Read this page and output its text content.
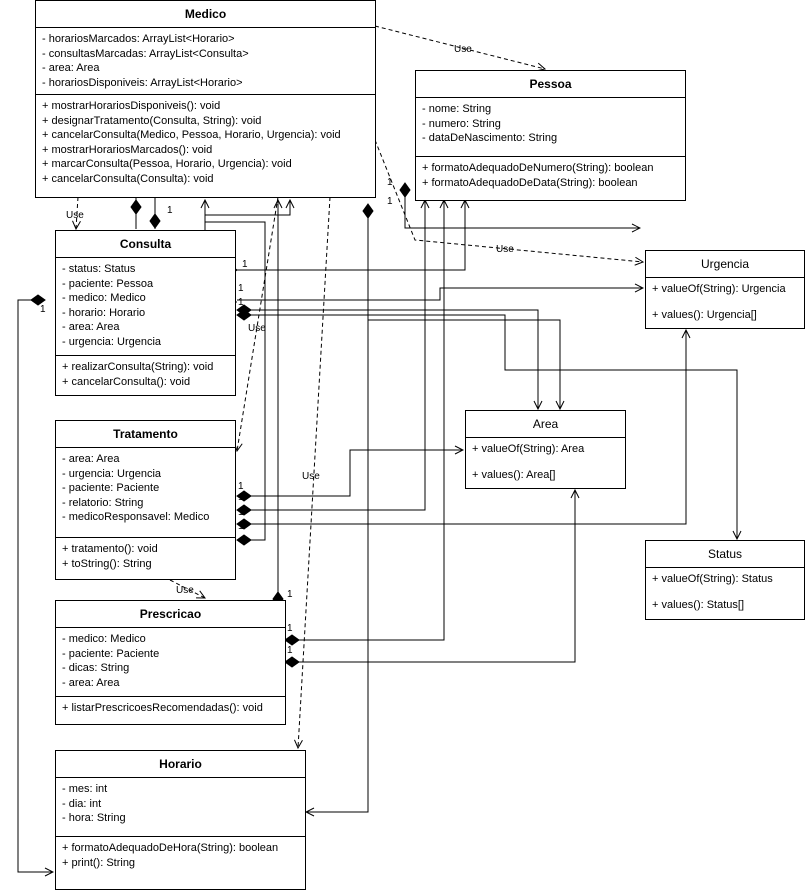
Use
Use
Use
Use
Use
Use
1
1
1
1
1
1
1
1
1
1
1
1
1
1
Medico
- horariosMarcados: ArrayList<Horario>
- consultasMarcadas: ArrayList<Consulta>
- area: Area
- horariosDisponiveis: ArrayList<Horario>
+ mostrarHorariosDisponiveis(): void
+ designarTratamento(Consulta, String): void
+ cancelarConsulta(Medico, Pessoa, Horario, Urgencia): void
+ mostrarHorariosMarcados(): void
+ marcarConsulta(Pessoa, Horario, Urgencia): void
+ cancelarConsulta(Consulta): void
Pessoa
- nome: String
- numero: String
- dataDeNascimento: String
+ formatoAdequadoDeNumero(String): boolean
+ formatoAdequadoDeData(String): boolean
Consulta
- status: Status
- paciente: Pessoa
- medico: Medico
- horario: Horario
- area: Area
- urgencia: Urgencia
+ realizarConsulta(String): void
+ cancelarConsulta(): void
Urgencia
+ valueOf(String): Urgencia
+ values(): Urgencia[]
Area
+ valueOf(String): Area
+ values(): Area[]
Tratamento
- area: Area
- urgencia: Urgencia
- paciente: Paciente
- relatorio: String
- medicoResponsavel: Medico
+ tratamento(): void
+ toString(): String
Status
+ valueOf(String): Status
+ values(): Status[]
Prescricao
- medico: Medico
- paciente: Paciente
- dicas: String
- area: Area
+ listarPrescricoesRecomendadas(): void
Horario
- mes: int
- dia: int
- hora: String
+ formatoAdequadoDeHora(String): boolean
+ print(): String
